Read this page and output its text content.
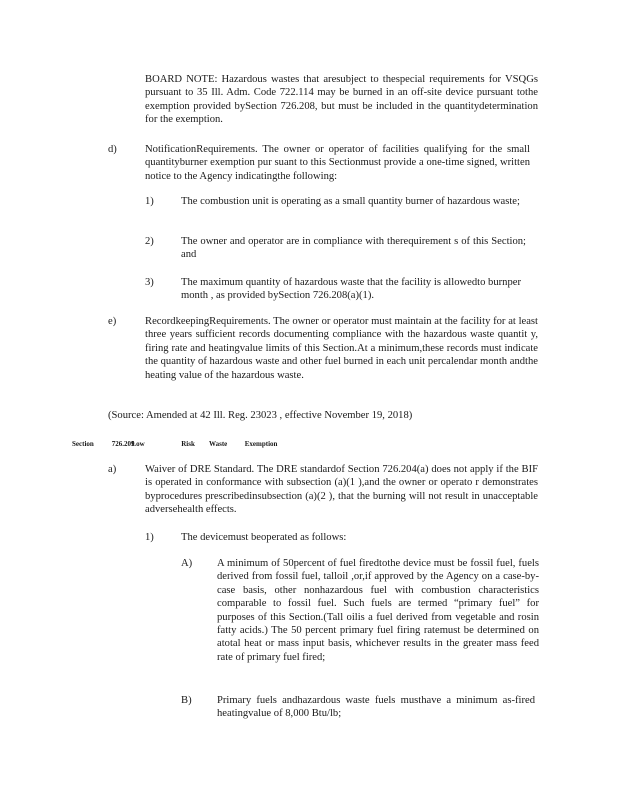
BOARD NOTE: Hazardous wastes that aresubject to thespecial requirements for VSQGs pursuant to 35 Ill. Adm. Code 722.114 may be burned in an off-site device pursuant tothe exemption provided bySection 726.208, but must be included in the quantitydetermination for the exemption.

d)	NotificationRequirements. The owner or operator of facilities qualifying for the small quantityburner exemption pur suant to this Sectionmust provide a one-time signed, written notice to the Agency indicatingthe following:

1)	The combustion unit is operating as a small quantity burner of hazardous waste;

2)	The owner and operator are in compliance with therequirement s of this Section; and

3)	The maximum quantity of hazardous waste that the facility is allowedto burnper month , as provided bySection 726.208(a)(1).

e)	RecordkeepingRequirements. The owner or operator must maintain at the facility for at least three years sufficient records documenting compliance with the hazardous waste quantit y, firing rate and heatingvalue limits of this Section.At a minimum,these records must indicate the quantity of hazardous waste and other fuel burned in each unit percalendar month andthe heating value of the hazardous waste.

(Source: Amended at 42 Ill. Reg. 23023 , effective November 19, 2018)

Section	726.209 Low	Risk Waste Exemption
a)	Waiver of DRE Standard. The DRE standardof Section 726.204(a) does not apply if the BIF is operated in conformance with subsection (a)(1 ),and the owner or operato r demonstrates byprocedures prescribedinsubsection (a)(2 ), that the burning will not result in unacceptable adversehealth effects.

1)	The devicemust beoperated as follows:

A) A minimum of 50percent of fuel firedtothe device must be fossil fuel, fuels derived from fossil fuel, talloil ,or,if approved by the Agency on a case-by-case basis, other nonhazardous fuel with combustion characteristics comparable to fossil fuel. Such fuels are termed “primary fuel” for purposes of this Section.(Tall oilis a fuel derived from vegetable and rosin fatty acids.) The 50 percent primary fuel firing ratemust be determined on atotal heat or mass input basis, whichever results in the greater mass feed rate of primary fuel fired;

B) Primary fuels andhazardous waste fuels musthave a minimum as-fired heatingvalue of 8,000 Btu/lb;
